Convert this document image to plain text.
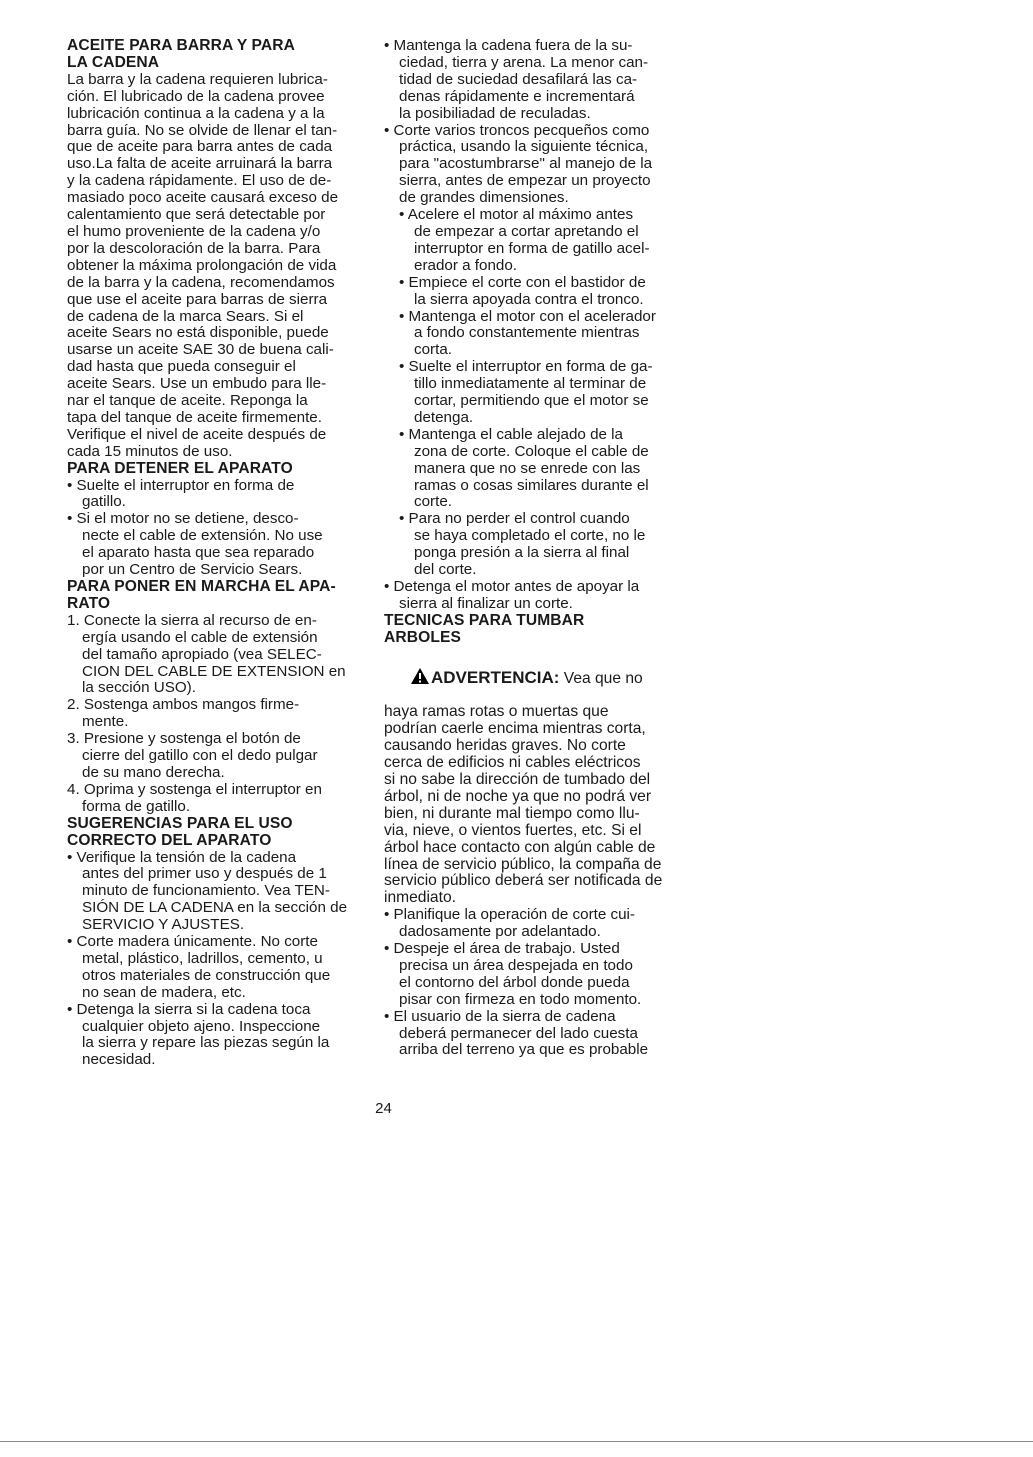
ACEITE PARA BARRA Y PARA
LA CADENA
La barra y la cadena requieren lubrica-
ción. El lubricado de la cadena provee
lubricación continua a la cadena y a la
barra guía. No se olvide de llenar el tan-
que de aceite para barra antes de cada
uso.La falta de aceite arruinará la barra
y la cadena rápidamente. El uso de de-
masiado poco aceite causará exceso de
calentamiento que será detectable por
el humo proveniente de la cadena y/o
por la descoloración de la barra. Para
obtener la máxima prolongación de vida
de la barra y la cadena, recomendamos
que use el aceite para barras de sierra
de cadena de la marca Sears. Si el
aceite Sears no está disponible, puede
usarse un aceite SAE 30 de buena cali-
dad hasta que pueda conseguir el
aceite Sears. Use un embudo para lle-
nar el tanque de aceite. Reponga la
tapa del tanque de aceite firmemente.
Verifique el nivel de aceite después de
cada 15 minutos de uso.
PARA DETENER EL APARATO
• Suelte el interruptor en forma de
gatillo.
• Si el motor no se detiene, desco-
necte el cable de extensión. No use
el aparato hasta que sea reparado
por un Centro de Servicio Sears.
PARA PONER EN MARCHA EL APA-
RATO
1. Conecte la sierra al recurso de en-
ergía usando el cable de extensión
del tamaño apropiado (vea SELEC-
CION DEL CABLE DE EXTENSION en
la sección USO).
2. Sostenga ambos mangos firme-
mente.
3. Presione y sostenga el botón de
cierre del gatillo con el dedo pulgar
de su mano derecha.
4. Oprima y sostenga el interruptor en
forma de gatillo.
SUGERENCIAS PARA EL USO
CORRECTO DEL APARATO
• Verifique la tensión de la cadena
antes del primer uso y después de 1
minuto de funcionamiento. Vea TEN-
SIÓN DE LA CADENA en la sección de
SERVICIO Y AJUSTES.
• Corte madera únicamente. No corte
metal, plástico, ladrillos, cemento, u
otros materiales de construcción que
no sean de madera, etc.
• Detenga la sierra si la cadena toca
cualquier objeto ajeno. Inspeccione
la sierra y repare las piezas según la
necesidad.
• Mantenga la cadena fuera de la su-
ciedad, tierra y arena. La menor can-
tidad de suciedad desafilará las ca-
denas rápidamente e incrementará
la posibiliadad de reculadas.
• Corte varios troncos pecqueños como
práctica, usando la siguiente técnica,
para "acostumbrarse" al manejo de la
sierra, antes de empezar un proyecto
de grandes dimensiones.
• Acelere el motor al máximo antes
de empezar a cortar apretando el
interruptor en forma de gatillo acel-
erador a fondo.
• Empiece el corte con el bastidor de
la sierra apoyada contra el tronco.
• Mantenga el motor con el acelerador
a fondo constantemente mientras
corta.
• Suelte el interruptor en forma de ga-
tillo inmediatamente al terminar de
cortar, permitiendo que el motor se
detenga.
• Mantenga el cable alejado de la
zona de corte. Coloque el cable de
manera que no se enrede con las
ramas o cosas similares durante el
corte.
• Para no perder el control cuando
se haya completado el corte, no le
ponga presión a la sierra al final
del corte.
• Detenga el motor antes de apoyar la
sierra al finalizar un corte.
TECNICAS PARA TUMBAR
ARBOLES

ADVERTENCIA: Vea que no

haya ramas rotas o muertas que
podrían caerle encima mientras corta,
causando heridas graves. No corte
cerca de edificios ni cables eléctricos
si no sabe la dirección de tumbado del
árbol, ni de noche ya que no podrá ver
bien, ni durante mal tiempo como llu-
via, nieve, o vientos fuertes, etc. Si el
árbol hace contacto con algún cable de
línea de servicio público, la compaña de
servicio público deberá ser notificada de
inmediato.
• Planifique la operación de corte cui-
dadosamente por adelantado.
• Despeje el área de trabajo. Usted
precisa un área despejada en todo
el contorno del árbol donde pueda
pisar con firmeza en todo momento.
• El usuario de la sierra de cadena
deberá permanecer del lado cuesta
arriba del terreno ya que es probable
24
